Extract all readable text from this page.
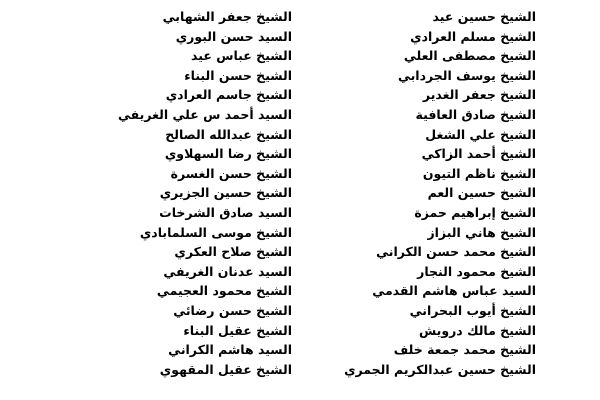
الشيخ حسين عيد
الشيخ مسلم العرادي
الشيخ مصطفى العلي
الشيخ يوسف الجردابي
الشيخ جعفر الغدير
الشيخ صادق العافية
الشيخ علي الشغل
الشيخ أحمد الزاكي
الشيخ ناظم التيون
الشيخ حسين العم
الشيخ إبراهيم حمزة
الشيخ هاني البزاز
الشيخ محمد حسن الكراني
الشيخ محمود النجار
السيد عباس هاشم القدمي
الشيخ أيوب البحراني
الشيخ مالك درويش
الشيخ محمد جمعة خلف
الشيخ حسين عبدالكريم الجمري
الشيخ جعفر الشهابي
السيد حسن البوري
الشيخ عباس عيد
الشيخ حسن البناء
الشيخ جاسم العرادي
السيد أحمد س علي الغريفي
الشيخ عبدالله الصالح
الشيخ رضا السهلاوي
الشيخ حسن الغسرة
الشيخ حسين الجزيري
السيد صادق الشرخات
الشيخ موسى السلمابادي
الشيخ صلاح العكري
السيد عدنان الغريفي
الشيخ محمود العجيمي
الشيخ حسن رضائي
الشيخ عقيل البناء
السيد هاشم الكراني
الشيخ عقيل المقهوي
